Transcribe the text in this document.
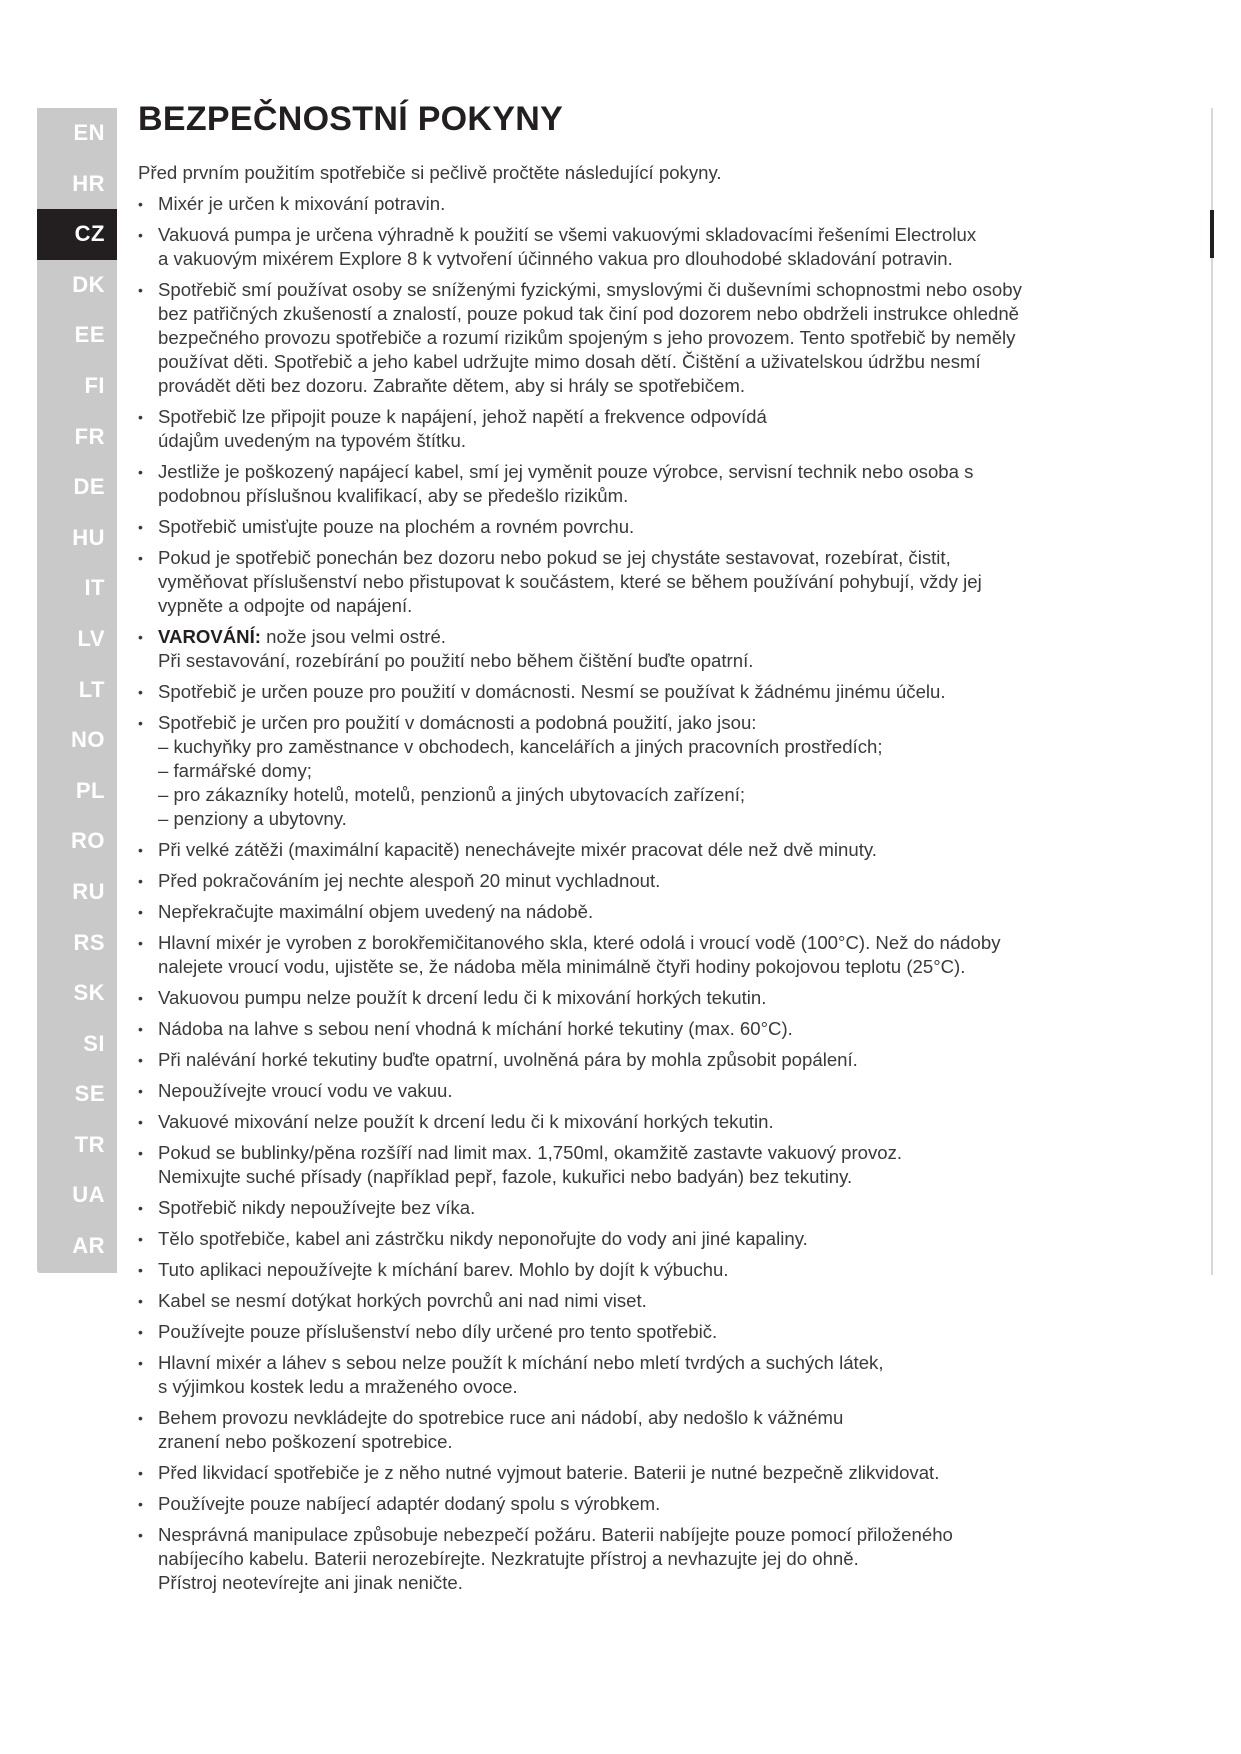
EN
HR
CZ
DK
EE
FI
FR
DE
HU
IT
LV
LT
NO
PL
RO
RU
RS
SK
SI
SE
TR
UA
AR
BEZPEČNOSTNÍ POKYNY

Před prvním použitím spotřebiče si pečlivě pročtěte následující pokyny.

• Mixér je určen k mixování potravin.
• Vakuová pumpa je určena výhradně k použití se všemi vakuovými skladovacími řešeními Electrolux
a vakuovým mixérem Explore 8 k vytvoření účinného vakua pro dlouhodobé skladování potravin.
• Spotřebič smí používat osoby se sníženými fyzickými, smyslovými či duševními schopnostmi nebo osoby
bez patřičných zkušeností a znalostí, pouze pokud tak činí pod dozorem nebo obdrželi instrukce ohledně
bezpečného provozu spotřebiče a rozumí rizikům spojeným s jeho provozem. Tento spotřebič by neměly
používat děti. Spotřebič a jeho kabel udržujte mimo dosah dětí. Čištění a uživatelskou údržbu nesmí
provádět děti bez dozoru. Zabraňte dětem, aby si hrály se spotřebičem.
• Spotřebič lze připojit pouze k napájení, jehož napětí a frekvence odpovídá
údajům uvedeným na typovém štítku.
• Jestliže je poškozený napájecí kabel, smí jej vyměnit pouze výrobce, servisní technik nebo osoba s
podobnou příslušnou kvalifikací, aby se předešlo rizikům.
• Spotřebič umisťujte pouze na plochém a rovném povrchu.
• Pokud je spotřebič ponechán bez dozoru nebo pokud se jej chystáte sestavovat, rozebírat, čistit,
vyměňovat příslušenství nebo přistupovat k součástem, které se během používání pohybují, vždy jej
vypněte a odpojte od napájení.
• VAROVÁNÍ: nože jsou velmi ostré.
Při sestavování, rozebírání po použití nebo během čištění buďte opatrní.
• Spotřebič je určen pouze pro použití v domácnosti. Nesmí se používat k žádnému jinému účelu.
• Spotřebič je určen pro použití v domácnosti a podobná použití, jako jsou:
– kuchyňky pro zaměstnance v obchodech, kancelářích a jiných pracovních prostředích;
– farmářské domy;
– pro zákazníky hotelů, motelů, penzionů a jiných ubytovacích zařízení;
– penziony a ubytovny.
• Při velké zátěži (maximální kapacitě) nenechávejte mixér pracovat déle než dvě minuty.
• Před pokračováním jej nechte alespoň 20 minut vychladnout.
• Nepřekračujte maximální objem uvedený na nádobě.
• Hlavní mixér je vyroben z borokřemičitanového skla, které odolá i vroucí vodě (100°C). Než do nádoby
nalejete vroucí vodu, ujistěte se, že nádoba měla minimálně čtyři hodiny pokojovou teplotu (25°C).
• Vakuovou pumpu nelze použít k drcení ledu či k mixování horkých tekutin.
• Nádoba na lahve s sebou není vhodná k míchání horké tekutiny (max. 60°C).
• Při nalévání horké tekutiny buďte opatrní, uvolněná pára by mohla způsobit popálení.
• Nepoužívejte vroucí vodu ve vakuu.
• Vakuové mixování nelze použít k drcení ledu či k mixování horkých tekutin.
• Pokud se bublinky/pěna rozšíří nad limit max. 1,750ml, okamžitě zastavte vakuový provoz.
Nemixujte suché přísady (například pepř, fazole, kukuřici nebo badyán) bez tekutiny.
• Spotřebič nikdy nepoužívejte bez víka.
• Tělo spotřebiče, kabel ani zástrčku nikdy neponořujte do vody ani jiné kapaliny.
• Tuto aplikaci nepoužívejte k míchání barev. Mohlo by dojít k výbuchu.
• Kabel se nesmí dotýkat horkých povrchů ani nad nimi viset.
• Používejte pouze příslušenství nebo díly určené pro tento spotřebič.
• Hlavní mixér a láhev s sebou nelze použít k míchání nebo mletí tvrdých a suchých látek,
s výjimkou kostek ledu a mraženého ovoce.
• Behem provozu nevkládejte do spotrebice ruce ani nádobí, aby nedošlo k vážnému
zranení nebo poškození spotrebice.
• Před likvidací spotřebiče je z něho nutné vyjmout baterie. Baterii je nutné bezpečně zlikvidovat.
• Používejte pouze nabíjecí adaptér dodaný spolu s výrobkem.
• Nesprávná manipulace způsobuje nebezpečí požáru. Baterii nabíjejte pouze pomocí přiloženého
nabíjecího kabelu. Baterii nerozebírejte. Nezkratujte přístroj a nevhazujte jej do ohně.
Přístroj neotevírejte ani jinak neničte.
